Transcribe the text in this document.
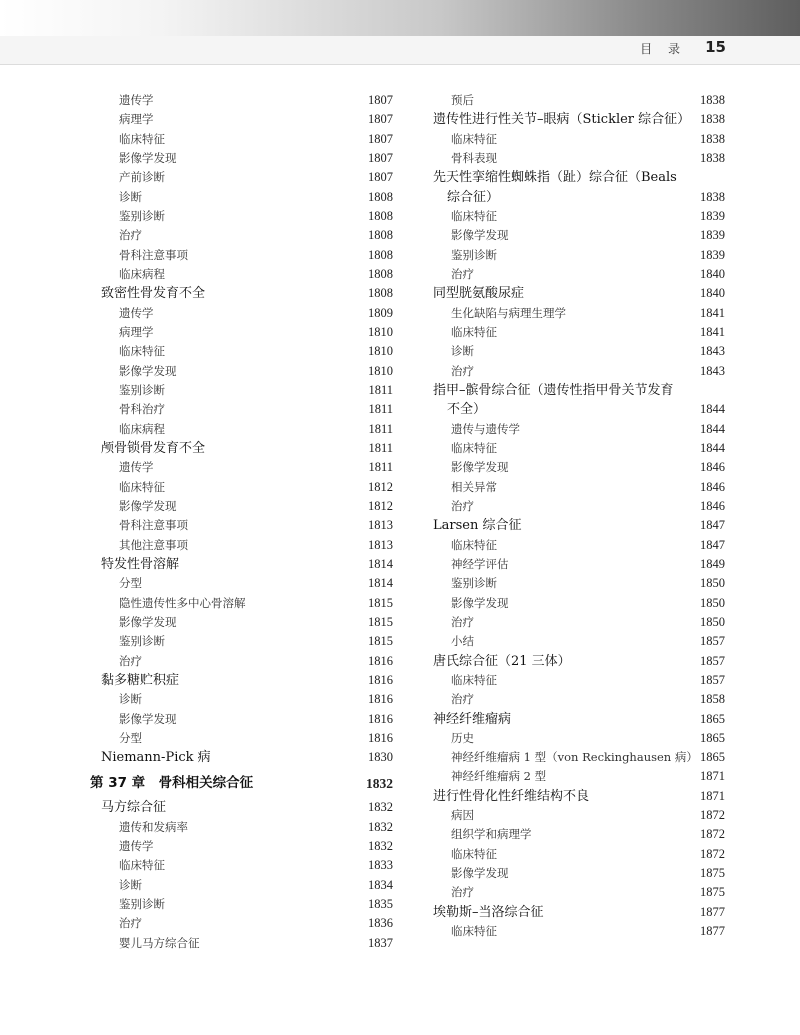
目 录 15
遗传学	1807
病理学	1807
临床特征	1807
影像学发现	1807
产前诊断	1807
诊断	1808
鉴别诊断	1808
治疗	1808
骨科注意事项	1808
临床病程	1808
致密性骨发育不全	1808
遗传学	1809
病理学	1810
临床特征	1810
影像学发现	1810
鉴别诊断	1811
骨科治疗	1811
临床病程	1811
颅骨锁骨发育不全	1811
遗传学	1811
临床特征	1812
影像学发现	1812
骨科注意事项	1813
其他注意事项	1813
特发性骨溶解	1814
分型	1814
隐性遗传性多中心骨溶解	1815
影像学发现	1815
鉴别诊断	1815
治疗	1816
黏多糖贮积症	1816
诊断	1816
影像学发现	1816
分型	1816
Niemann-Pick 病	1830
第 37 章　骨科相关综合征	1832
马方综合征	1832
遗传和发病率	1832
遗传学	1832
临床特征	1833
诊断	1834
鉴别诊断	1835
治疗	1836
婴儿马方综合征	1837
预后	1838
遗传性进行性关节–眼病（Stickler 综合征） 1838
临床特征	1838
骨科表现	1838
先天性挛缩性蜘蛛指（趾）综合征（Beals
综合征）	1838
临床特征	1839
影像学发现	1839
鉴别诊断	1839
治疗	1840
同型胱氨酸尿症	1840
生化缺陷与病理生理学	1841
临床特征	1841
诊断	1843
治疗	1843
指甲–髌骨综合征（遗传性指甲骨关节发育
不全）	1844
遗传与遗传学	1844
临床特征	1844
影像学发现	1846
相关异常	1846
治疗	1846
Larsen 综合征	1847
临床特征	1847
神经学评估	1849
鉴别诊断	1850
影像学发现	1850
治疗	1850
小结	1857
唐氏综合征（21 三体）	1857
临床特征	1857
治疗	1858
神经纤维瘤病	1865
历史	1865
神经纤维瘤病 1 型（von Reckinghausen 病） 1865
神经纤维瘤病 2 型	1871
进行性骨化性纤维结构不良	1871
病因	1872
组织学和病理学	1872
临床特征	1872
影像学发现	1875
治疗	1875
埃勒斯–当洛综合征	1877
临床特征	1877
